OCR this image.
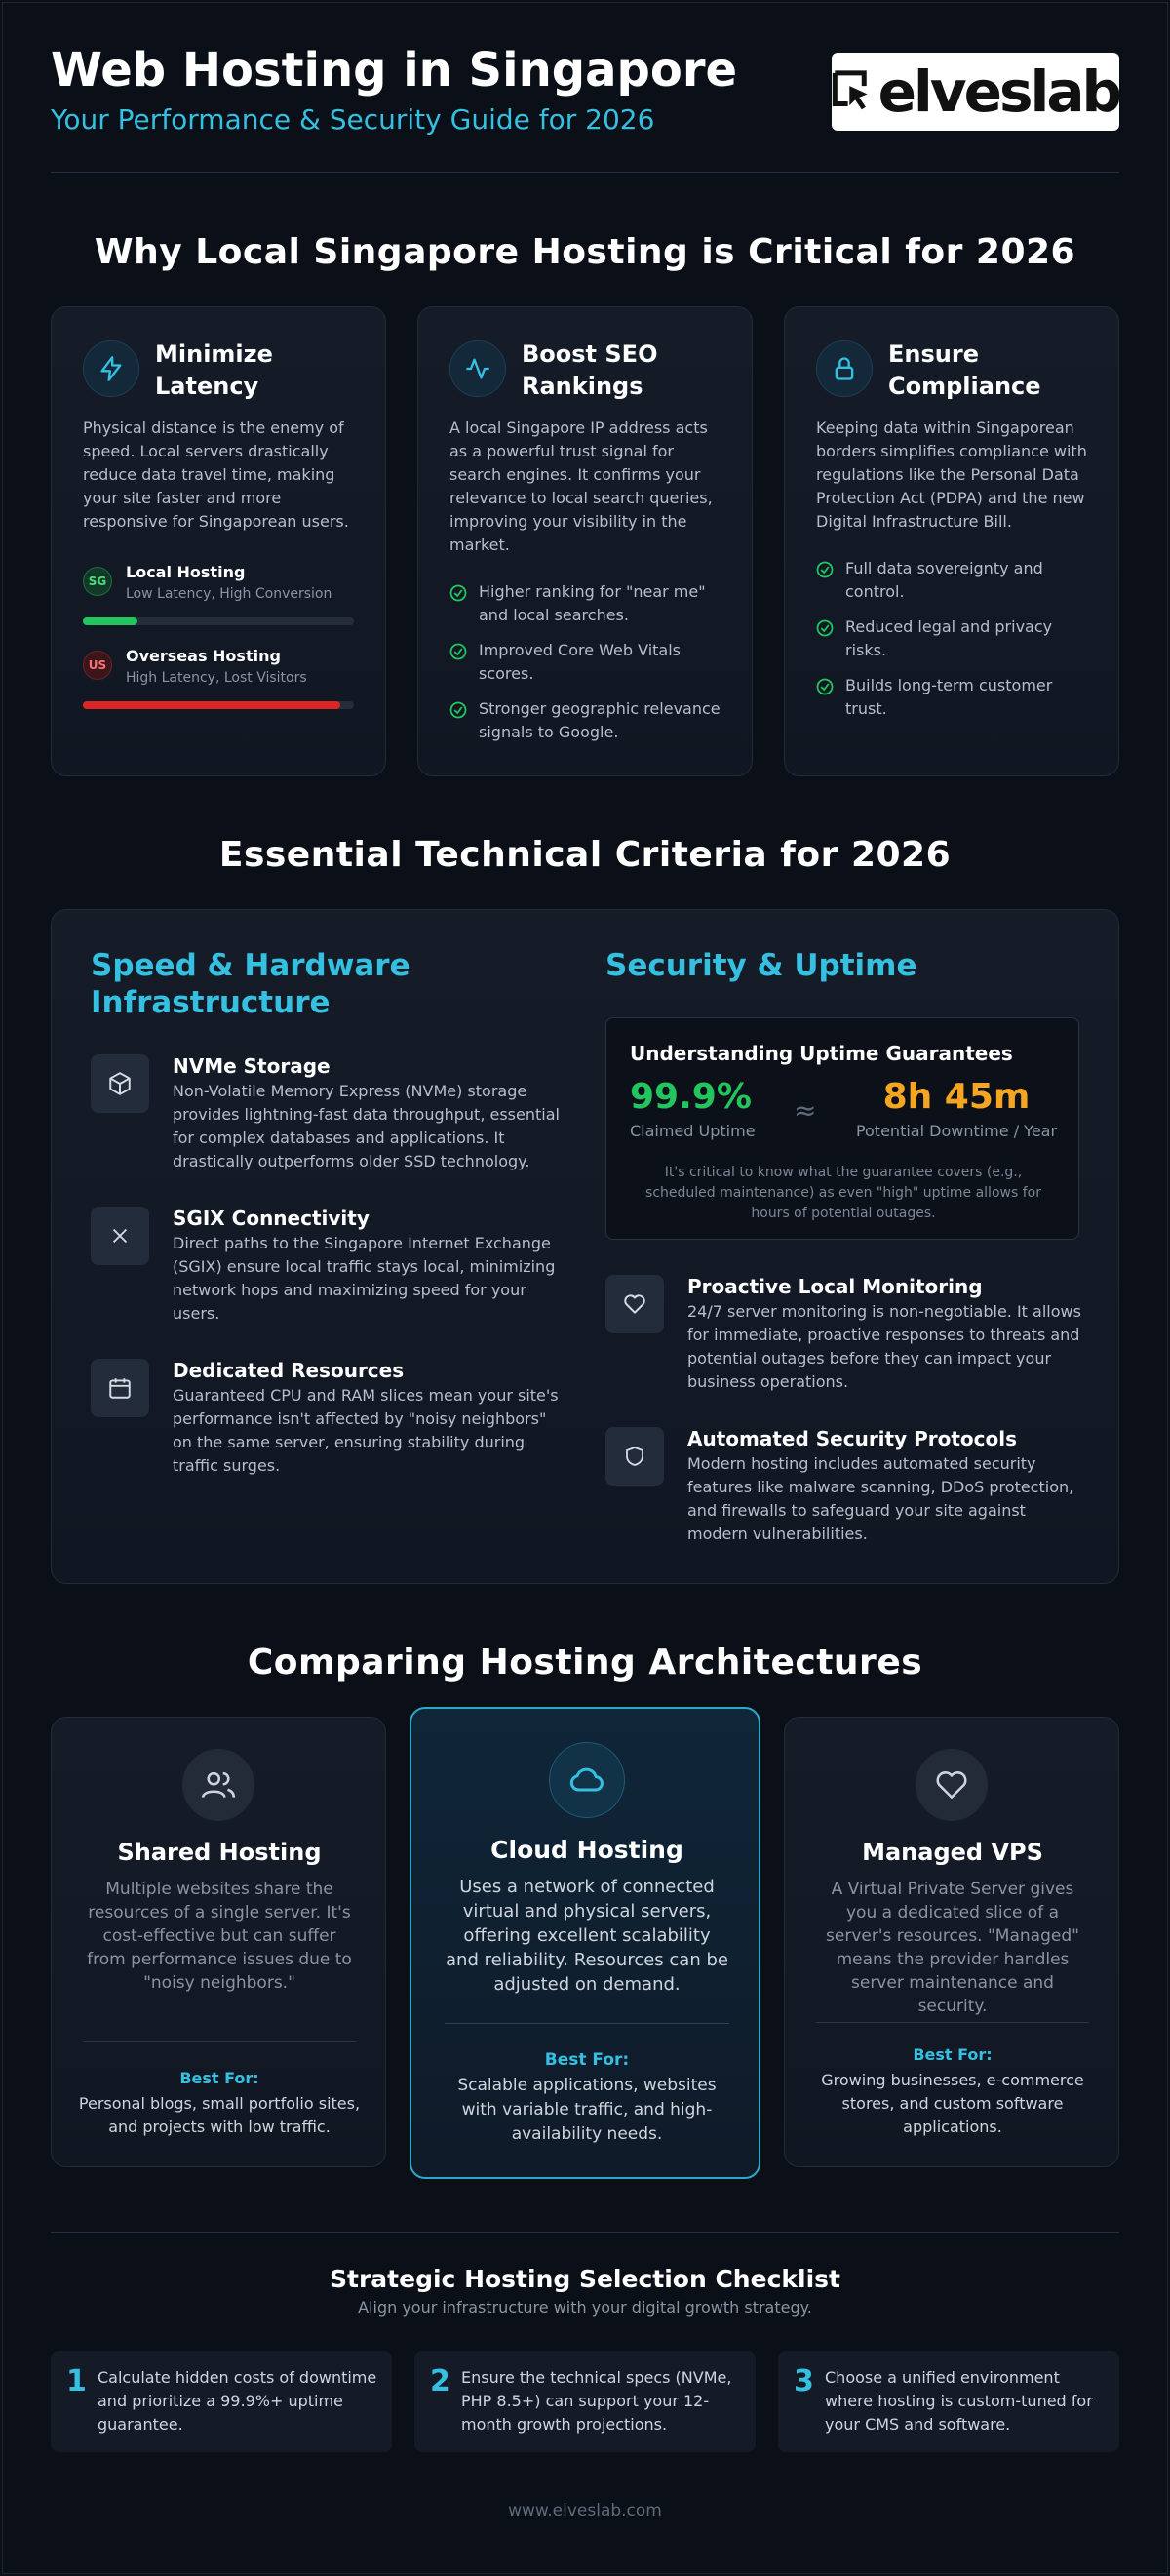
Web Hosting in Singapore
Your Performance & Security Guide for 2026	elveslab
Why Local Singapore Hosting is Critical for 2026
Minimize Latency
Physical distance is the enemy of speed. Local servers drastically reduce data travel time, making your site faster and more responsive for Singaporean users.
SG	Local Hosting
Low Latency, High Conversion
US	Overseas Hosting
High Latency, Lost Visitors
Boost SEO Rankings
A local Singapore IP address acts as a powerful trust signal for search engines. It confirms your relevance to local search queries, improving your visibility in the market.
Higher ranking for "near me" and local searches.
Improved Core Web Vitals scores.
Stronger geographic relevance signals to Google.
Ensure Compliance
Keeping data within Singaporean borders simplifies compliance with regulations like the Personal Data Protection Act (PDPA) and the new Digital Infrastructure Bill.
Full data sovereignty and control.
Reduced legal and privacy risks.
Builds long-term customer trust.
Essential Technical Criteria for 2026
Speed & Hardware Infrastructure
Security & Uptime
NVMe Storage
Non-Volatile Memory Express (NVMe) storage provides lightning-fast data throughput, essential for complex databases and applications. It drastically outperforms older SSD technology.
SGIX Connectivity
Direct paths to the Singapore Internet Exchange (SGIX) ensure local traffic stays local, minimizing network hops and maximizing speed for your users.
Dedicated Resources
Guaranteed CPU and RAM slices mean your site's performance isn't affected by "noisy neighbors" on the same server, ensuring stability during traffic surges.
Understanding Uptime Guarantees
99.9%
Claimed Uptime
≈	8h 45m
Potential Downtime / Year
It's critical to know what the guarantee covers (e.g., scheduled maintenance) as even "high" uptime allows for hours of potential outages.
Proactive Local Monitoring
24/7 server monitoring is non-negotiable. It allows for immediate, proactive responses to threats and potential outages before they can impact your business operations.
Automated Security Protocols
Modern hosting includes automated security features like malware scanning, DDoS protection, and firewalls to safeguard your site against modern vulnerabilities.
Comparing Hosting Architectures
Shared Hosting
Multiple websites share the resources of a single server. It's cost-effective but can suffer from performance issues due to "noisy neighbors."
Best For:
Personal blogs, small portfolio sites, and projects with low traffic.
Cloud Hosting
Uses a network of connected virtual and physical servers, offering excellent scalability and reliability. Resources can be adjusted on demand.
Best For:
Scalable applications, websites with variable traffic, and high-availability needs.
Managed VPS
A Virtual Private Server gives you a dedicated slice of a server's resources. "Managed" means the provider handles server maintenance and security.
Best For:
Growing businesses, e-commerce stores, and custom software applications.
Strategic Hosting Selection Checklist
Align your infrastructure with your digital growth strategy.
1 Calculate hidden costs of downtime and prioritize a 99.9%+ uptime guarantee.
2 Ensure the technical specs (NVMe, PHP 8.5+) can support your 12-month growth projections.
3 Choose a unified environment where hosting is custom-tuned for your CMS and software.
www.elveslab.com
